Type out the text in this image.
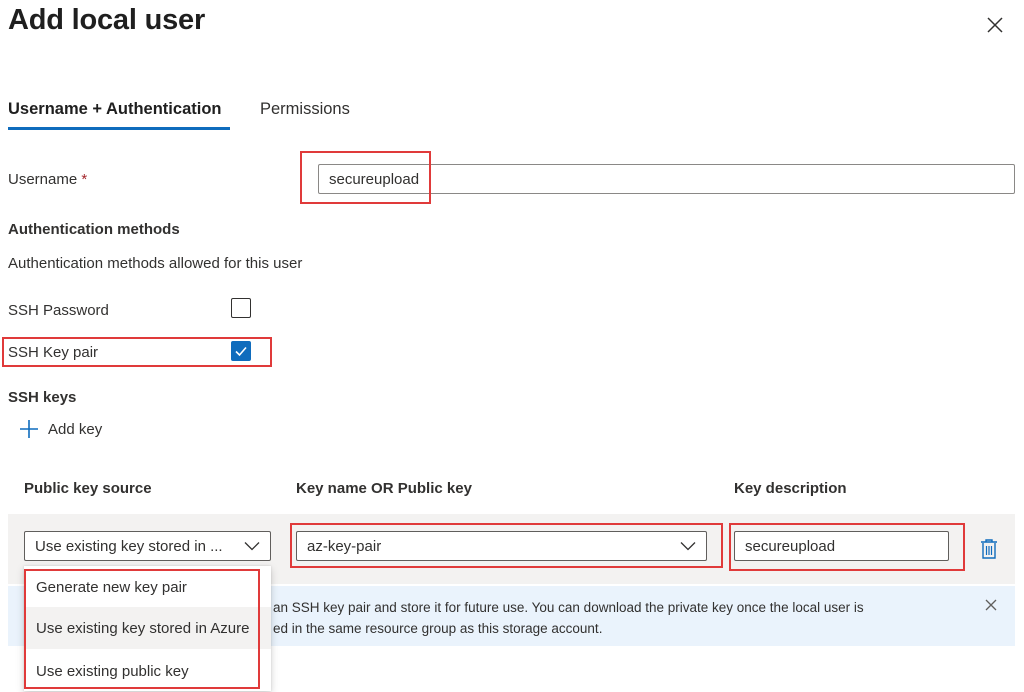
Add local user
Username + Authentication Permissions
Username *	secureupload
Authentication methods
Authentication methods allowed for this user
SSH Password
SSH Key pair
SSH keys
Add key
Public key source	Key name OR Public key	Key description
Use existing key stored in ...	az-key-pair	secureupload
an SSH key pair and store it for future use. You can download the private key once the local user is
ed in the same resource group as this storage account.
Generate new key pair
Use existing key stored in Azure
Use existing public key
